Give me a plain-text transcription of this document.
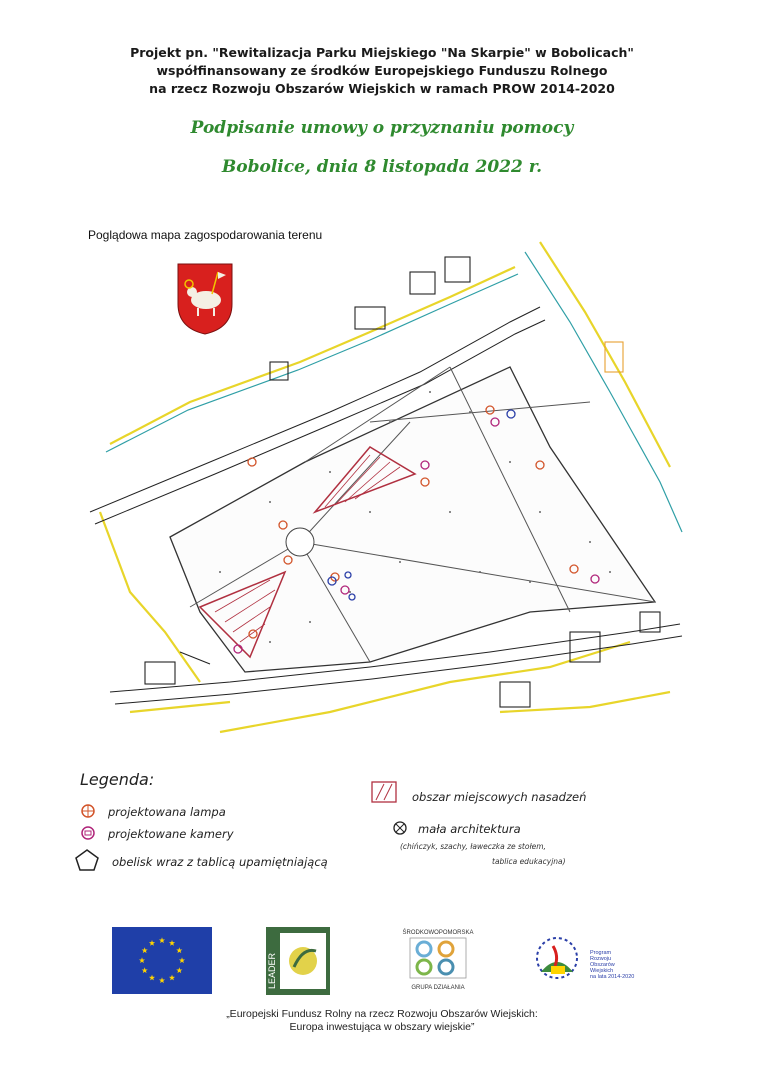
Projekt pn. "Rewitalizacja Parku Miejskiego "Na Skarpie" w Bobolicach"
współfinansowany ze środków Europejskiego Funduszu Rolnego
na rzecz Rozwoju Obszarów Wiejskich w ramach PROW 2014-2020
Podpisanie umowy o przyznaniu pomocy
Bobolice, dnia 8 listopada 2022 r.
Poglądowa mapa zagospodarowania terenu
Legenda:
projektowana lampa
projektowane kamery
obelisk wraz z tablicą upamiętniającą
obszar miejscowych nasadzeń
mała architektura
(chińczyk, szachy, ławeczka ze stołem,
tablica edukacyjna)
LEADER
ŚRODKOWOPOMORSKA
GRUPA DZIAŁANIA
Program
Rozwoju
Obszarów
Wiejskich
na lata 2014-2020
„Europejski Fundusz Rolny na rzecz Rozwoju Obszarów Wiejskich:
Europa inwestująca w obszary wiejskie”
